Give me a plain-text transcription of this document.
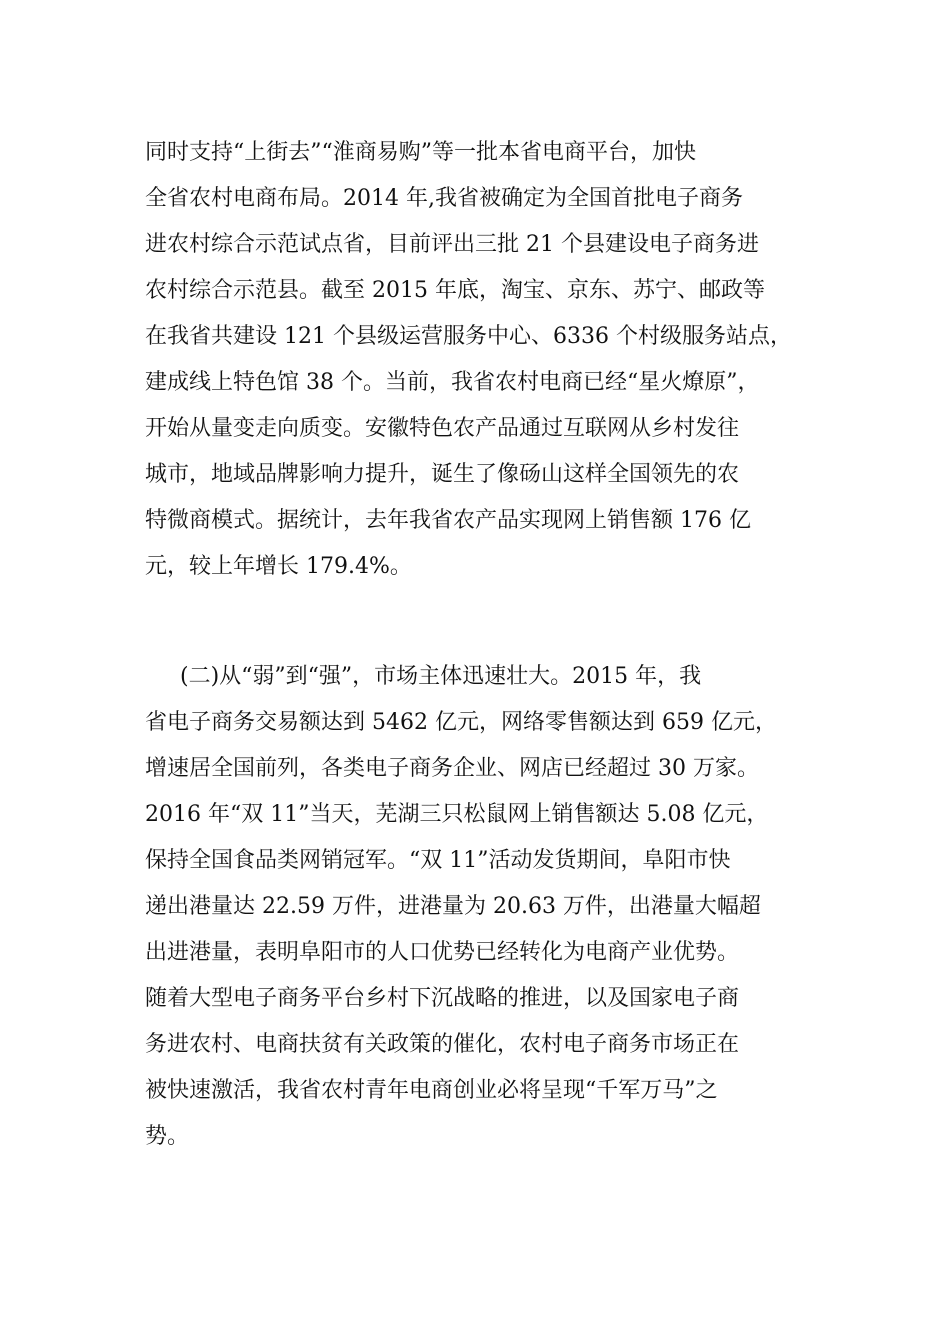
同时支持“上街去”“淮商易购”等一批本省电商平台，加快

全省农村电商布局。2014 年,我省被确定为全国首批电子商务

进农村综合示范试点省，目前评出三批 21 个县建设电子商务进

农村综合示范县。截至 2015 年底，淘宝、京东、苏宁、邮政等

在我省共建设 121 个县级运营服务中心、6336 个村级服务站点，

建成线上特色馆 38 个。当前，我省农村电商已经“星火燎原”，

开始从量变走向质变。安徽特色农产品通过互联网从乡村发往

城市，地域品牌影响力提升，诞生了像砀山这样全国领先的农

特微商模式。据统计，去年我省农产品实现网上销售额 176 亿

元，较上年增长 179.4%。

(二)从“弱”到“强”，市场主体迅速壮大。2015 年，我

省电子商务交易额达到 5462 亿元，网络零售额达到 659 亿元，

增速居全国前列，各类电子商务企业、网店已经超过 30 万家。

2016 年“双 11”当天，芜湖三只松鼠网上销售额达 5.08 亿元，

保持全国食品类网销冠军。“双 11”活动发货期间，阜阳市快

递出港量达 22.59 万件，进港量为 20.63 万件，出港量大幅超

出进港量，表明阜阳市的人口优势已经转化为电商产业优势。

随着大型电子商务平台乡村下沉战略的推进，以及国家电子商

务进农村、电商扶贫有关政策的催化，农村电子商务市场正在

被快速激活，我省农村青年电商创业必将呈现“千军万马”之

势。
